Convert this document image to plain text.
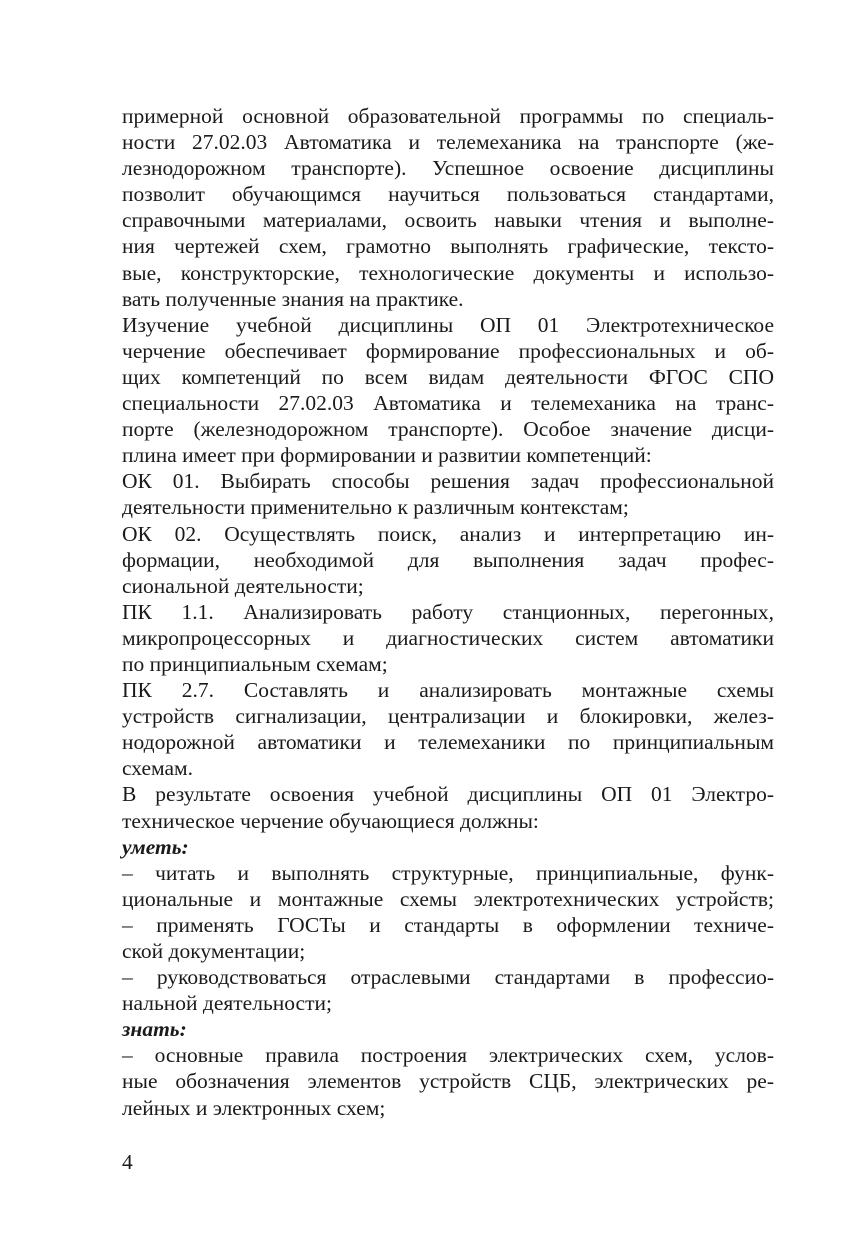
примерной основной образовательной программы по специаль-
ности 27.02.03 Автоматика и телемеханика на транспорте (же-
лезнодорожном транспорте). Успешное освоение дисциплины
позволит обучающимся научиться пользоваться стандартами,
справочными материалами, освоить навыки чтения и выполне-
ния чертежей схем, грамотно выполнять графические, тексто-
вые, конструкторские, технологические документы и использо-
вать полученные знания на практике.
Изучение учебной дисциплины ОП 01 Электротехническое
черчение обеспечивает формирование профессиональных и об-
щих компетенций по всем видам деятельности ФГОС СПО
специальности 27.02.03 Автоматика и телемеханика на транс-
порте (железнодорожном транспорте). Особое значение дисци-
плина имеет при формировании и развитии компетенций:
ОК 01. Выбирать способы решения задач профессиональной
деятельности применительно к различным контекстам;
ОК 02. Осуществлять поиск, анализ и интерпретацию ин-
формации, необходимой для выполнения задач профес-
сиональной деятельности;
ПК 1.1. Анализировать работу станционных, перегонных,
микропроцессорных и диагностических систем автоматики
по принципиальным схемам;
ПК 2.7. Составлять и анализировать монтажные схемы
устройств сигнализации, централизации и блокировки, желез-
нодорожной автоматики и телемеханики по принципиальным
схемам.
В результате освоения учебной дисциплины ОП 01 Электро-
техническое черчение обучающиеся должны:
уметь:
– читать и выполнять структурные, принципиальные, функ-
циональные и монтажные схемы электротехнических устройств;
– применять ГОСТы и стандарты в оформлении техниче-
ской документации;
– руководствоваться отраслевыми стандартами в профессио-
нальной деятельности;
знать:
– основные правила построения электрических схем, услов-
ные обозначения элементов устройств СЦБ, электрических ре-
лейных и электронных схем;
4
